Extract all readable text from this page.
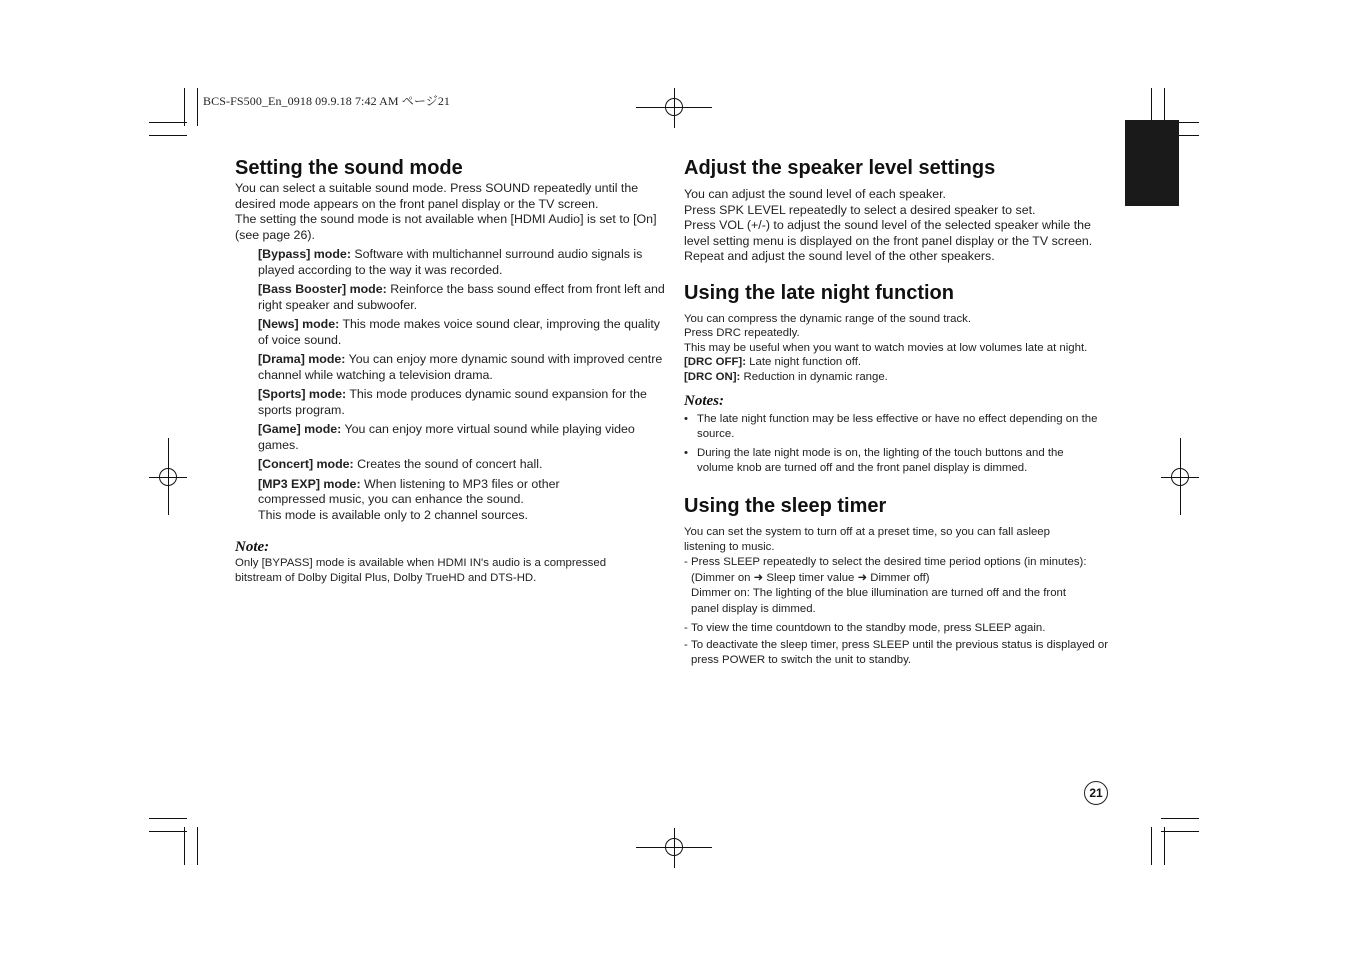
BCS-FS500_En_0918 09.9.18 7:42 AM ページ21
Setting the sound mode

You can select a suitable sound mode. Press SOUND repeatedly until the desired mode appears on the front panel display or the TV screen.

The setting the sound mode is not available when [HDMI Audio] is set to [On] (see page 26).

[Bypass] mode: Software with multichannel surround audio signals is played according to the way it was recorded.

[Bass Booster] mode: Reinforce the bass sound effect from front left and right speaker and subwoofer.

[News] mode: This mode makes voice sound clear, improving the quality of voice sound.

[Drama] mode: You can enjoy more dynamic sound with improved centre channel while watching a television drama.

[Sports] mode: This mode produces dynamic sound expansion for the sports program.

[Game] mode: You can enjoy more virtual sound while playing video games.

[Concert] mode: Creates the sound of concert hall.

[MP3 EXP] mode: When listening to MP3 files or other compressed music, you can enhance the sound.

This mode is available only to 2 channel sources.

Note:

Only [BYPASS] mode is available when HDMI IN's audio is a compressed bitstream of Dolby Digital Plus, Dolby TrueHD and DTS-HD.

Adjust the speaker level settings

You can adjust the sound level of each speaker.

Press SPK LEVEL repeatedly to select a desired speaker to set.

Press VOL (+/-) to adjust the sound level of the selected speaker while the level setting menu is displayed on the front panel display or the TV screen.

Repeat and adjust the sound level of the other speakers.

Using the late night function

You can compress the dynamic range of the sound track.

Press DRC repeatedly.

This may be useful when you want to watch movies at low volumes late at night.

[DRC OFF]: Late night function off.

[DRC ON]: Reduction in dynamic range.

Notes:

• The late night function may be less effective or have no effect depending on the source.
• During the late night mode is on, the lighting of the touch buttons and the volume knob are turned off and the front panel display is dimmed.
Using the sleep timer

You can set the system to turn off at a preset time, so you can fall asleep listening to music.

- Press SLEEP repeatedly to select the desired time period options (in minutes):
(Dimmer on ➜ Sleep timer value ➜ Dimmer off)
Dimmer on: The lighting of the blue illumination are turned off and the front panel display is dimmed.
- To view the time countdown to the standby mode, press SLEEP again.
- To deactivate the sleep timer, press SLEEP until the previous status is displayed or press POWER to switch the unit to standby.
21
